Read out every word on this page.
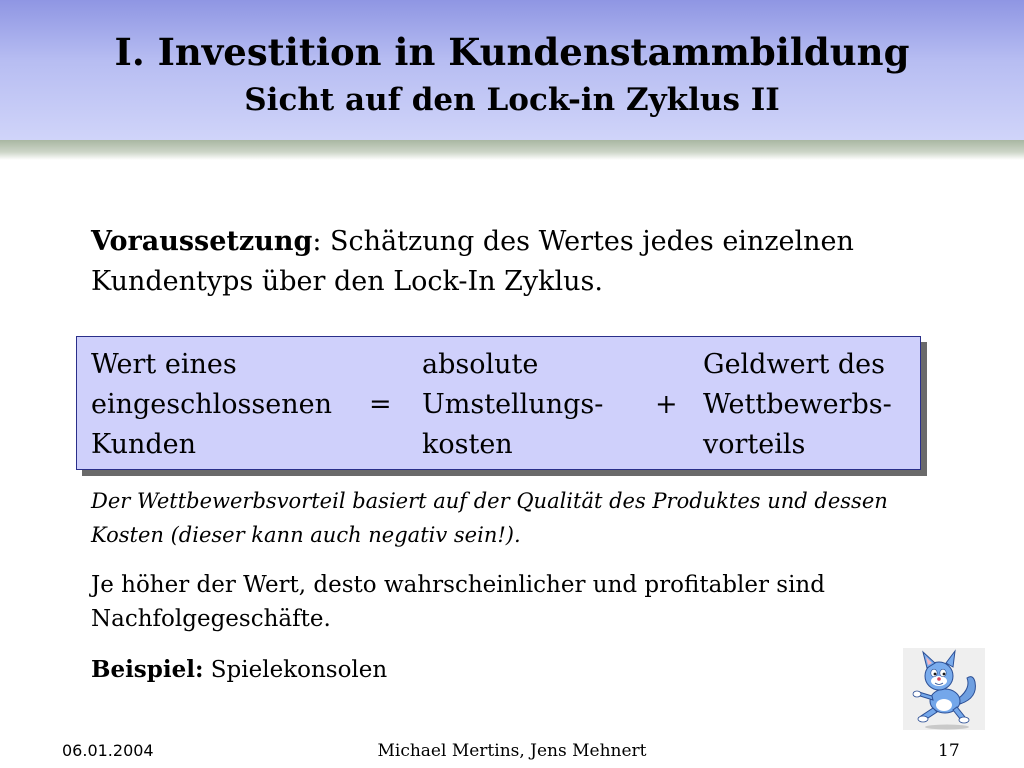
I. Investition in Kundenstammbildung
Sicht auf den Lock-in Zyklus II

Voraussetzung: Schätzung des Wertes jedes einzelnen Kundentyps über den Lock-In Zyklus.

Wert eines
eingeschlossenen
Kunden
=
absolute
Umstellungs-
kosten
+
Geldwert des
Wettbewerbs-
vorteils
Der Wettbewerbsvorteil basiert auf der Qualität des Produktes und dessen Kosten (dieser kann auch negativ sein!).
Je höher der Wert, desto wahrscheinlicher und profitabler sind Nachfolgegeschäfte.
Beispiel: Spielekonsolen
06.01.2004	Michael Mertins, Jens Mehnert	17
